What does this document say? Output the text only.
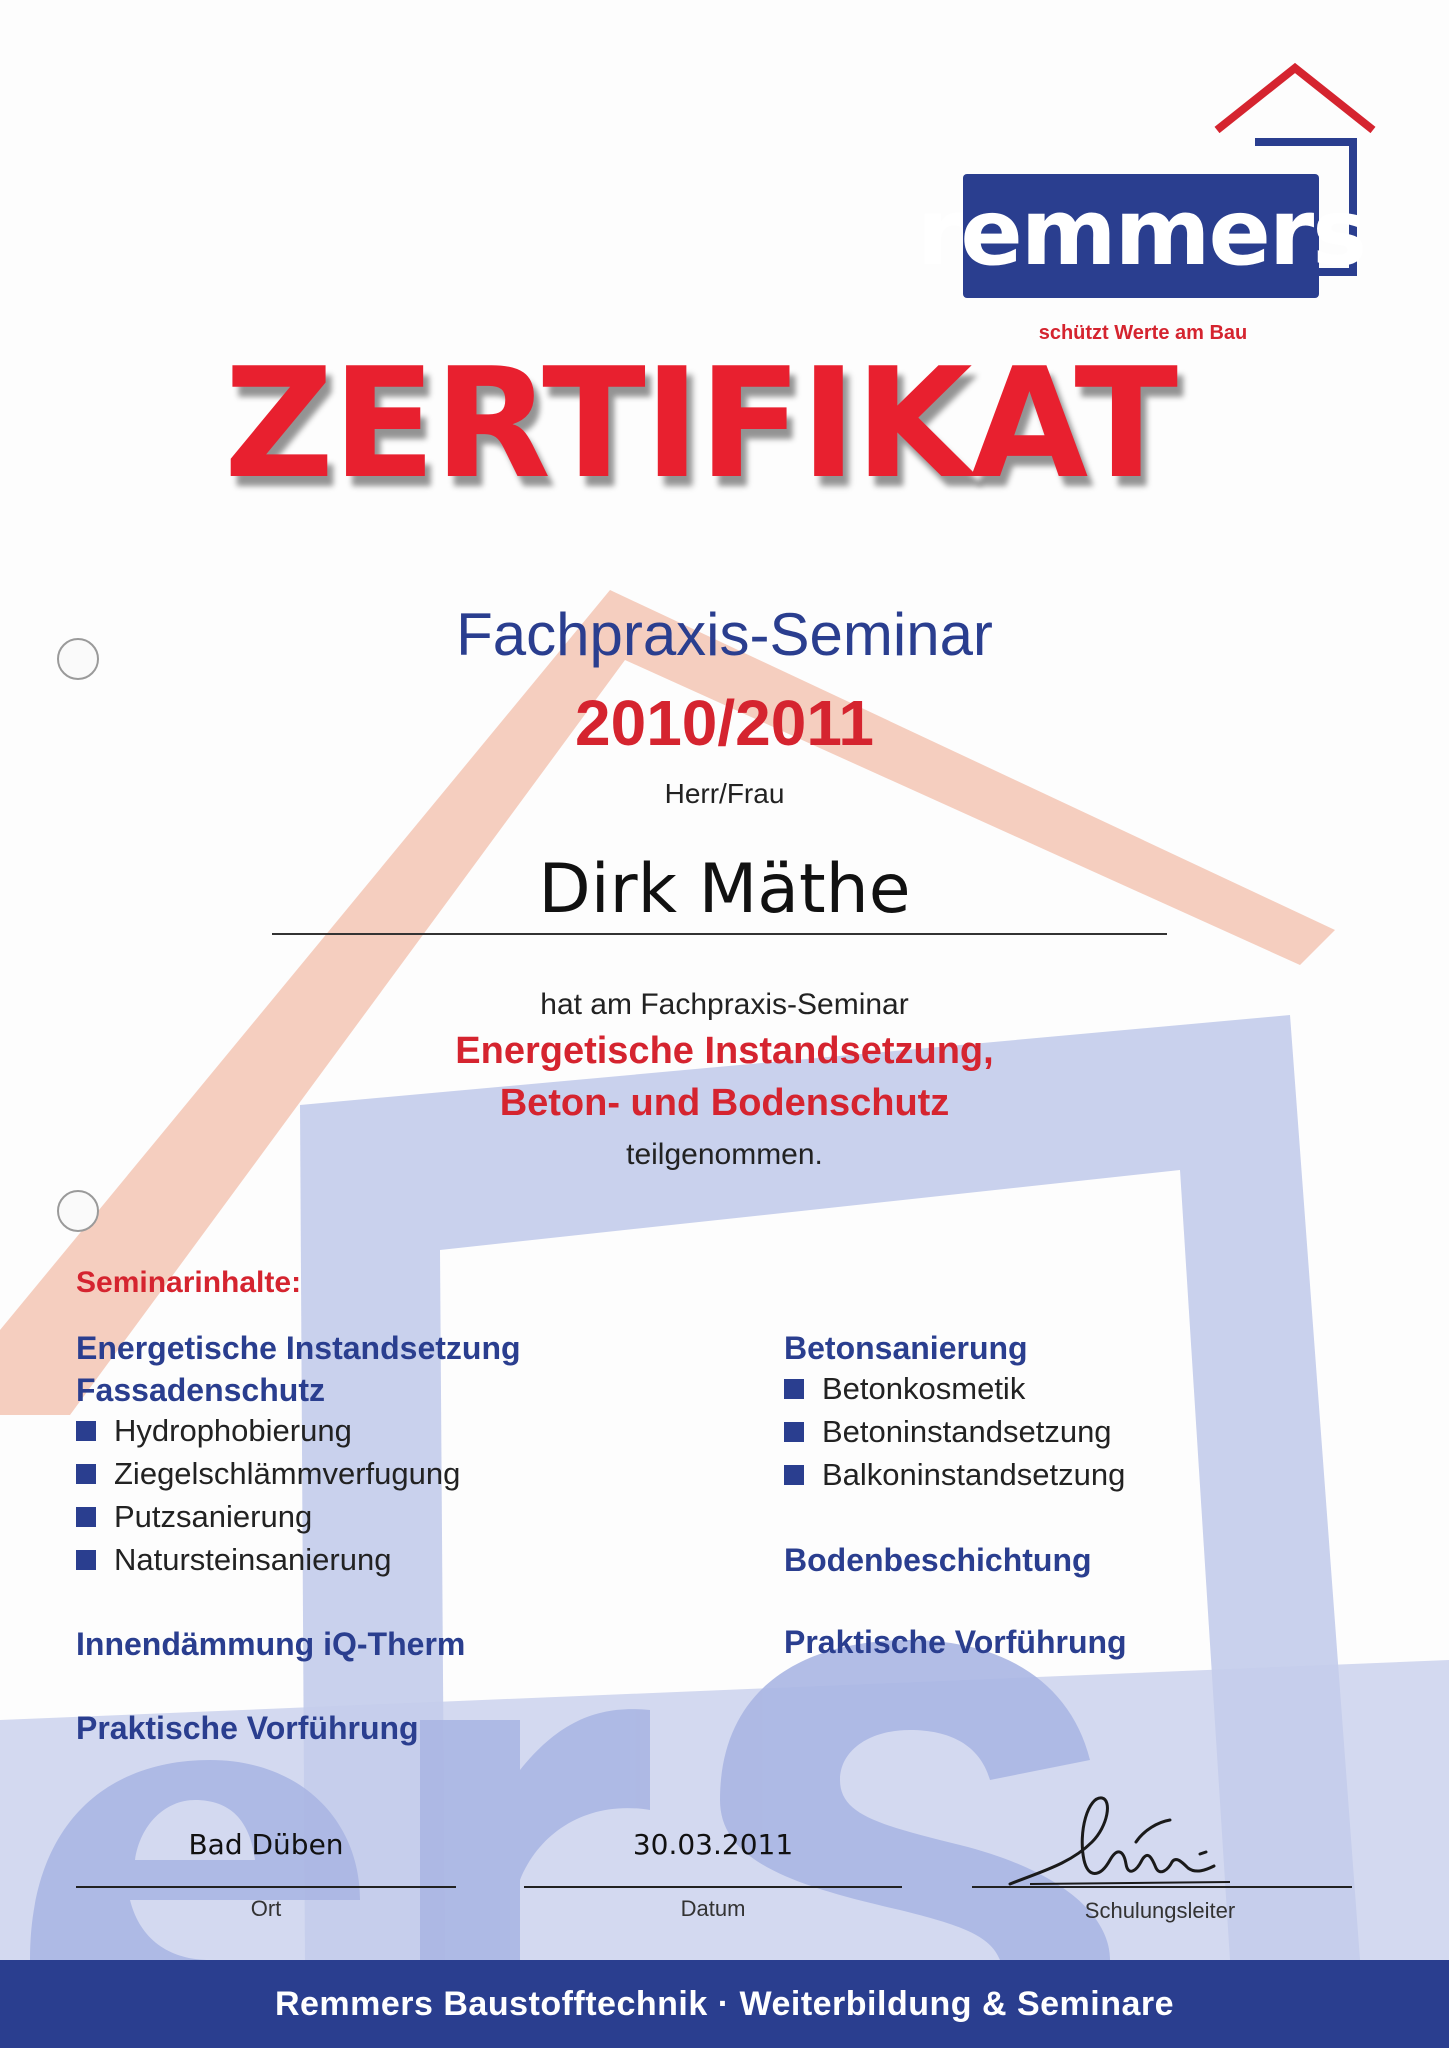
remmers
schützt Werte am Bau
ZERTIFIKAT
Fachpraxis-Seminar
2010/2011
Herr/Frau
Dirk Mäthe
hat am Fachpraxis-Seminar
Energetische Instandsetzung,
Beton- und Bodenschutz
teilgenommen.
Seminarinhalte:
Energetische Instandsetzung
Fassadenschutz
Hydrophobierung
Ziegelschlämmverfugung
Putzsanierung
Natursteinsanierung
Innendämmung iQ-Therm
Praktische Vorführung
Betonsanierung
Betonkosmetik
Betoninstandsetzung
Balkoninstandsetzung
Bodenbeschichtung
Praktische Vorführung
Bad Düben
Ort
30.03.2011
Datum	Schulungsleiter
Remmers Baustofftechnik · Weiterbildung & Seminare
